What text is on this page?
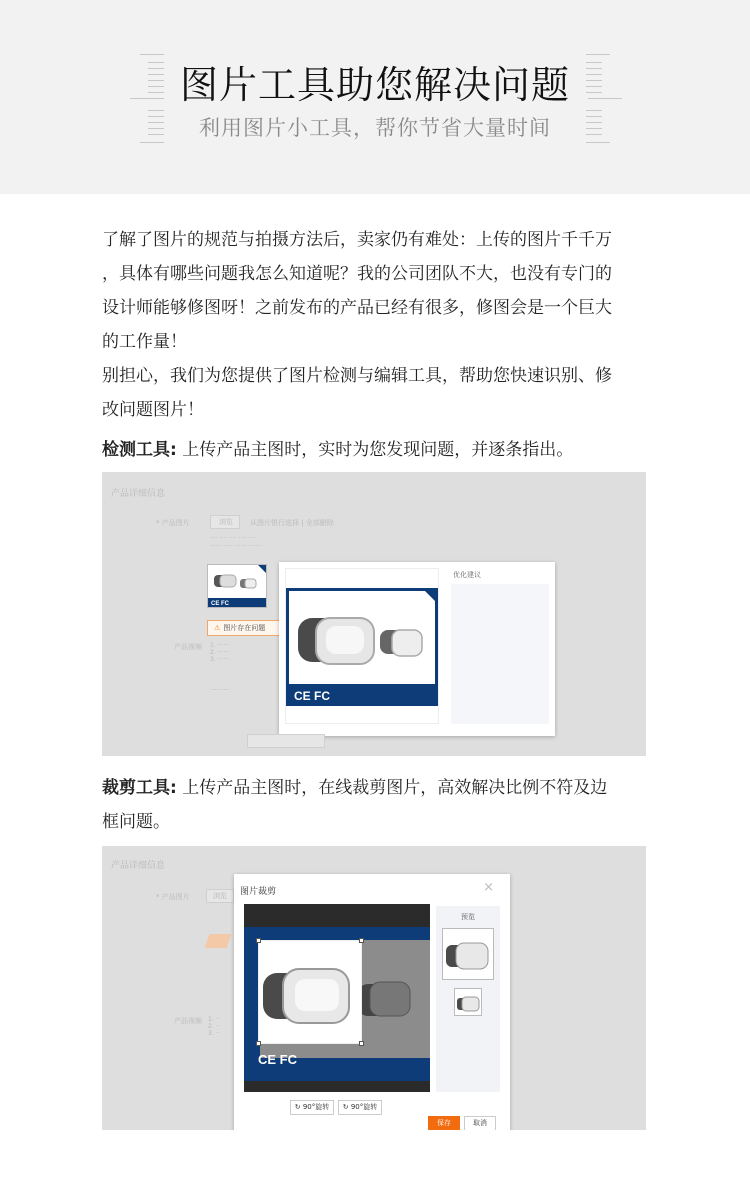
图片工具助您解决问题
利用图片小工具，帮你节省大量时间
了解了图片的规范与拍摄方法后，卖家仍有难处：上传的图片千千万
，具体有哪些问题我怎么知道呢？我的公司团队不大，也没有专门的
设计师能够修图呀！之前发布的产品已经有很多，修图会是一个巨大
的工作量！
别担心，我们为您提供了图片检测与编辑工具，帮助您快速识别、修
改问题图片！
检测工具: 上传产品主图时，实时为您发现问题，并逐条指出。
产品详细信息
* 产品图片	浏览 从图片银行选择 | 全部删除
···· ···· ···· ···· ····
······ ····· ······ ·······
产品视频 1. ······
2. ······
3. ······
·········
CE FC
⚠ 图片存在问题
CE FC
优化建议
裁剪工具: 上传产品主图时，在线裁剪图片，高效解决比例不符及边
框问题。
产品详细信息
* 产品图片	浏览
产品视频 1. ··
2. ··
3. ··
图片裁剪	×
CE FC
预览
↻ 90°旋转	↻ 90°旋转
保存	取消
